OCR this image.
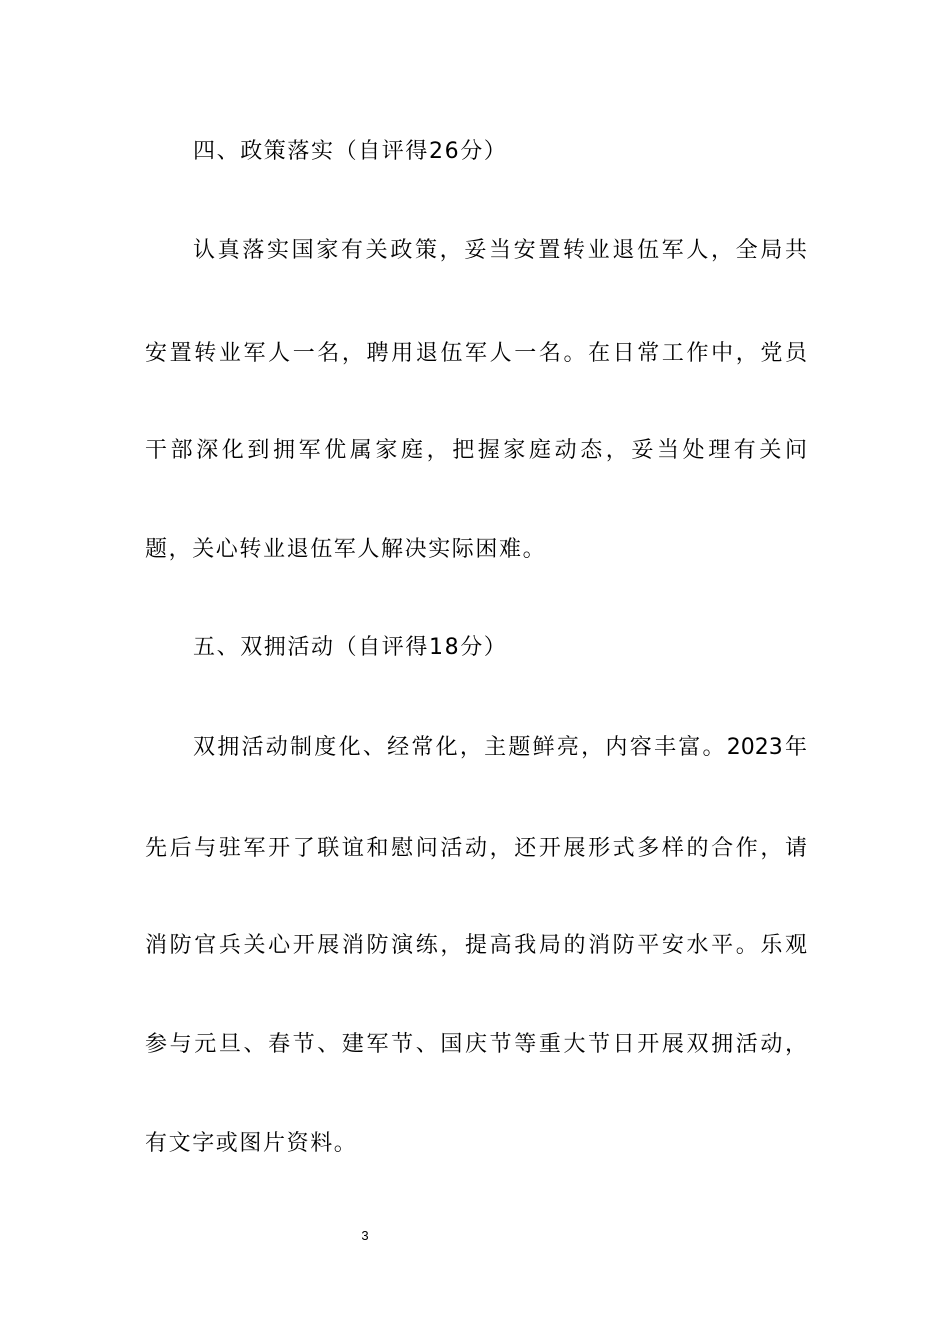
四、政策落实（自评得26分）
认真落实国家有关政策，妥当安置转业退伍军人，全局共
安置转业军人一名，聘用退伍军人一名。在日常工作中，党员
干部深化到拥军优属家庭，把握家庭动态，妥当处理有关问
题，关心转业退伍军人解决实际困难。
五、双拥活动（自评得18分）
双拥活动制度化、经常化，主题鲜亮，内容丰富。2023年
先后与驻军开了联谊和慰问活动，还开展形式多样的合作，请
消防官兵关心开展消防演练，提高我局的消防平安水平。乐观
参与元旦、春节、建军节、国庆节等重大节日开展双拥活动，
有文字或图片资料。
3
